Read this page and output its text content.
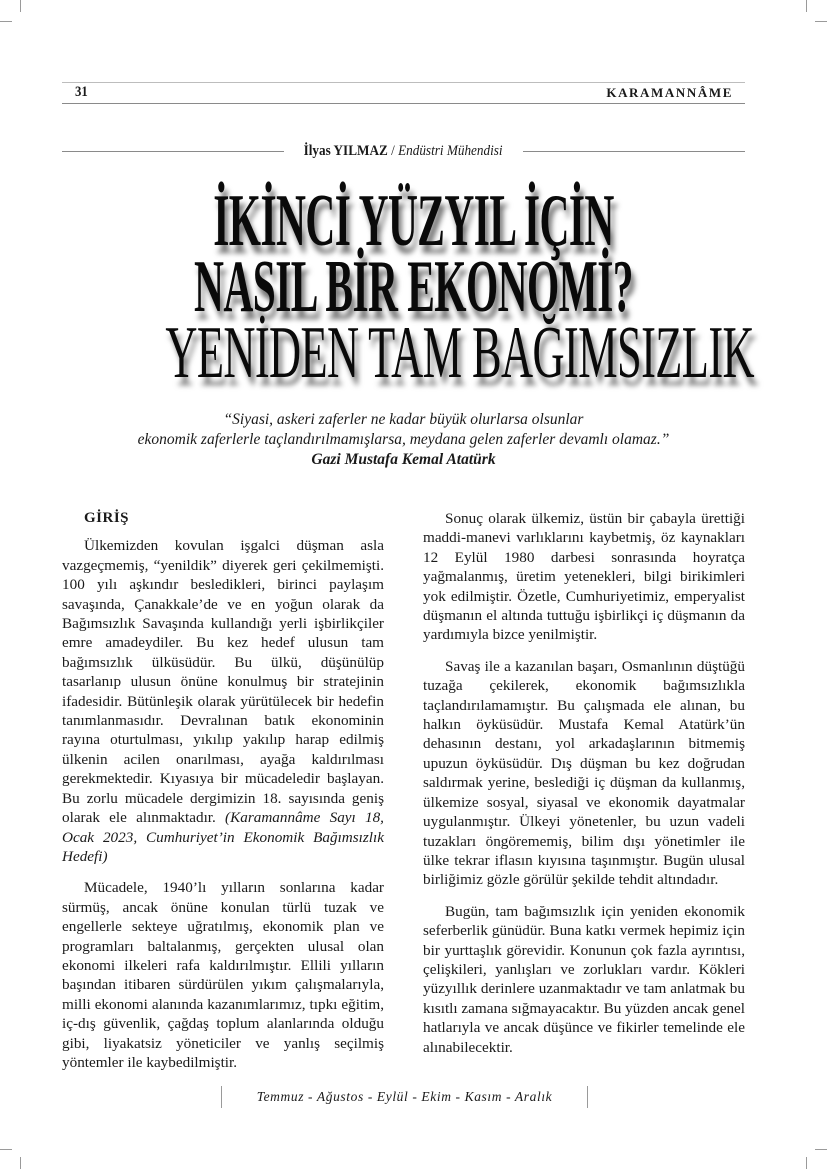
31	KARAMANNÂME
İlyas YILMAZ / Endüstri Mühendisi
İKİNCİ YÜZYIL İÇİN
NASIL BİR EKONOMİ?
YENİDEN TAM BAĞIMSIZLIK
“Siyasi, askeri zaferler ne kadar büyük olurlarsa olsunlar
ekonomik zaferlerle taçlandırılmamışlarsa, meydana gelen zaferler devamlı olamaz.”
Gazi Mustafa Kemal Atatürk
GİRİŞ

Ülkemizden kovulan işgalci düşman asla vazgeçmemiş, “yenildik” diyerek geri çekilmemişti. 100 yılı aşkındır besledikleri, birinci paylaşım savaşında, Çanakkale’de ve en yoğun olarak da Bağımsızlık Savaşında kullandığı yerli işbirlikçiler emre amadeydiler. Bu kez hedef ulusun tam bağımsızlık ülküsüdür. Bu ülkü, düşünülüp tasarlanıp ulusun önüne konulmuş bir stratejinin ifadesidir. Bütünleşik olarak yürütülecek bir hedefin tanımlanmasıdır. Devralınan batık ekonominin rayına oturtulması, yıkılıp yakılıp harap edilmiş ülkenin acilen onarılması, ayağa kaldırılması gerekmektedir. Kıyasıya bir mücadeledir başlayan. Bu zorlu mücadele dergimizin 18. sayısında geniş olarak ele alınmaktadır. (Karamannâme Sayı 18, Ocak 2023, Cumhuriyet’in Ekonomik Bağımsızlık Hedefi)

Mücadele, 1940’lı yılların sonlarına kadar sürmüş, ancak önüne konulan türlü tuzak ve engellerle sekteye uğratılmış, ekonomik plan ve programları baltalanmış, gerçekten ulusal olan ekonomi ilkeleri rafa kaldırılmıştır. Ellili yılların başından itibaren sürdürülen yıkım çalışmalarıyla, milli ekonomi alanında kazanımlarımız, tıpkı eğitim, iç-dış güvenlik, çağdaş toplum alanlarında olduğu gibi, liyakatsiz yöneticiler ve yanlış seçilmiş yöntemler ile kaybedilmiştir.

Sonuç olarak ülkemiz, üstün bir çabayla ürettiği maddi-manevi varlıklarını kaybetmiş, öz kaynakları 12 Eylül 1980 darbesi sonrasında hoyratça yağmalanmış, üretim yetenekleri, bilgi birikimleri yok edilmiştir. Özetle, Cumhuriyetimiz, emperyalist düşmanın el altında tuttuğu işbirlikçi iç düşmanın da yardımıyla bizce yenilmiştir.

Savaş ile a kazanılan başarı, Osmanlının düştüğü tuzağa çekilerek, ekonomik bağımsızlıkla taçlandırılamamıştır. Bu çalışmada ele alınan, bu halkın öyküsüdür. Mustafa Kemal Atatürk’ün dehasının destanı, yol arkadaşlarının bitmemiş upuzun öyküsüdür. Dış düşman bu kez doğrudan saldırmak yerine, beslediği iç düşman da kullanmış, ülkemize sosyal, siyasal ve ekonomik dayatmalar uygulanmıştır. Ülkeyi yönetenler, bu uzun vadeli tuzakları öngörememiş, bilim dışı yönetimler ile ülke tekrar iflasın kıyısına taşınmıştır. Bugün ulusal birliğimiz gözle görülür şekilde tehdit altındadır.

Bugün, tam bağımsızlık için yeniden ekonomik seferberlik günüdür. Buna katkı vermek hepimiz için bir yurttaşlık görevidir. Konunun çok fazla ayrıntısı, çelişkileri, yanlışları ve zorlukları vardır. Kökleri yüzyıllık derinlere uzanmaktadır ve tam anlatmak bu kısıtlı zamana sığmayacaktır. Bu yüzden ancak genel hatlarıyla ve ancak düşünce ve fikirler temelinde ele alınabilecektir.

Temmuz - Ağustos - Eylül - Ekim - Kasım - Aralık
